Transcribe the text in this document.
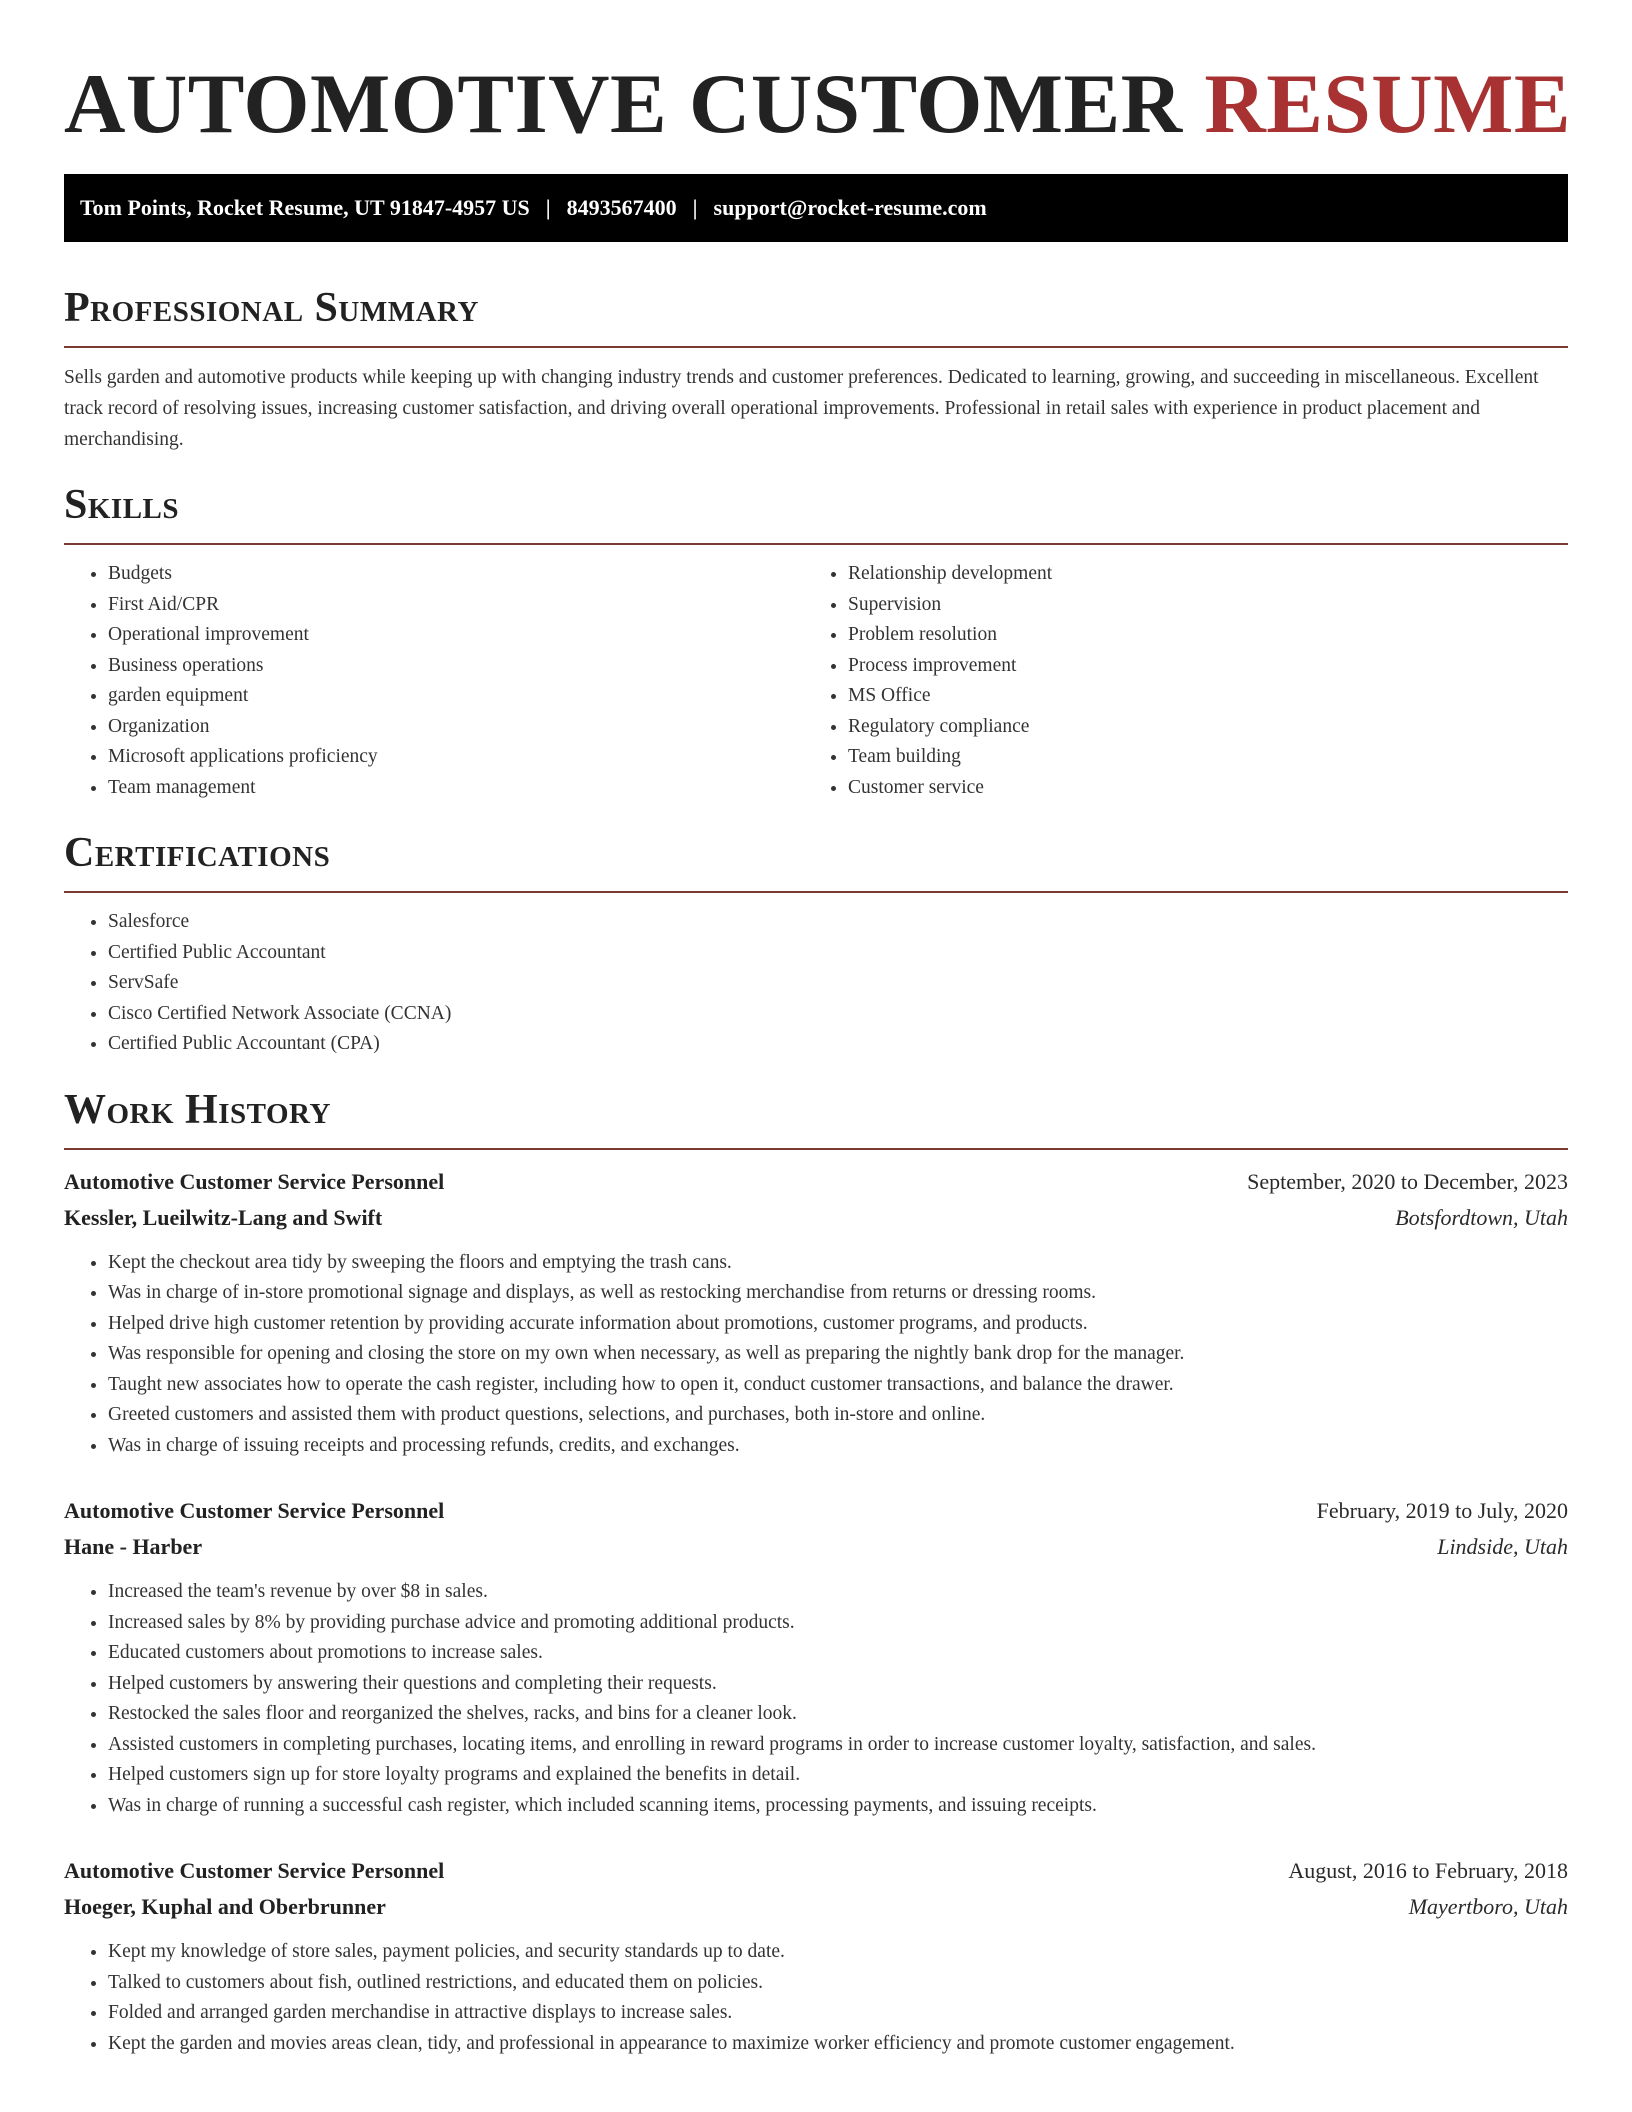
AUTOMOTIVE CUSTOMER RESUME
Tom Points, Rocket Resume, UT 91847-4957 US | 8493567400 | support@rocket-resume.com
Professional Summary

Sells garden and automotive products while keeping up with changing industry trends and customer preferences. Dedicated to learning, growing, and succeeding in miscellaneous. Excellent track record of resolving issues, increasing customer satisfaction, and driving overall operational improvements. Professional in retail sales with experience in product placement and merchandising.

Skills
• Budgets
• First Aid/CPR
• Operational improvement
• Business operations
• garden equipment
• Organization
• Microsoft applications proficiency
• Team management
• Relationship development
• Supervision
• Problem resolution
• Process improvement
• MS Office
• Regulatory compliance
• Team building
• Customer service
Certifications
• Salesforce
• Certified Public Accountant
• ServSafe
• Cisco Certified Network Associate (CCNA)
• Certified Public Accountant (CPA)
Work History
Automotive Customer Service Personnel	September, 2020 to December, 2023
Kessler, Lueilwitz-Lang and Swift	Botsfordtown, Utah
• Kept the checkout area tidy by sweeping the floors and emptying the trash cans.
• Was in charge of in-store promotional signage and displays, as well as restocking merchandise from returns or dressing rooms.
• Helped drive high customer retention by providing accurate information about promotions, customer programs, and products.
• Was responsible for opening and closing the store on my own when necessary, as well as preparing the nightly bank drop for the manager.
• Taught new associates how to operate the cash register, including how to open it, conduct customer transactions, and balance the drawer.
• Greeted customers and assisted them with product questions, selections, and purchases, both in-store and online.
• Was in charge of issuing receipts and processing refunds, credits, and exchanges.
Automotive Customer Service Personnel	February, 2019 to July, 2020
Hane - Harber	Lindside, Utah
• Increased the team's revenue by over $8 in sales.
• Increased sales by 8% by providing purchase advice and promoting additional products.
• Educated customers about promotions to increase sales.
• Helped customers by answering their questions and completing their requests.
• Restocked the sales floor and reorganized the shelves, racks, and bins for a cleaner look.
• Assisted customers in completing purchases, locating items, and enrolling in reward programs in order to increase customer loyalty, satisfaction, and sales.
• Helped customers sign up for store loyalty programs and explained the benefits in detail.
• Was in charge of running a successful cash register, which included scanning items, processing payments, and issuing receipts.
Automotive Customer Service Personnel	August, 2016 to February, 2018
Hoeger, Kuphal and Oberbrunner	Mayertboro, Utah
• Kept my knowledge of store sales, payment policies, and security standards up to date.
• Talked to customers about fish, outlined restrictions, and educated them on policies.
• Folded and arranged garden merchandise in attractive displays to increase sales.
• Kept the garden and movies areas clean, tidy, and professional in appearance to maximize worker efficiency and promote customer engagement.
